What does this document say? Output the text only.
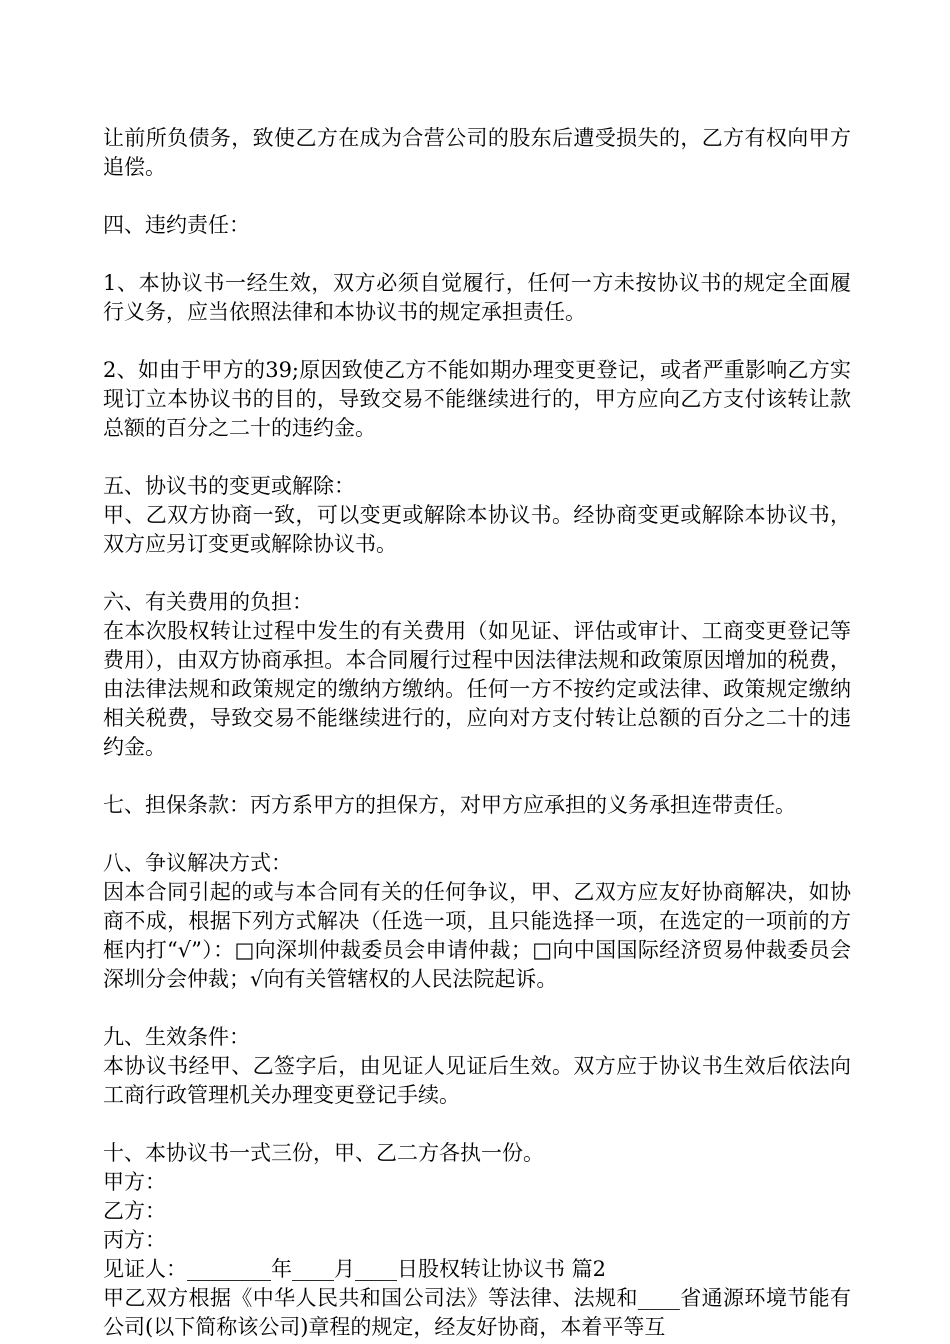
让前所负债务，致使乙方在成为合营公司的股东后遭受损失的，乙方有权向甲方追偿。

四、违约责任：

1、本协议书一经生效，双方必须自觉履行，任何一方未按协议书的规定全面履行义务，应当依照法律和本协议书的规定承担责任。

2、如由于甲方的39;原因致使乙方不能如期办理变更登记，或者严重影响乙方实现订立本协议书的目的，导致交易不能继续进行的，甲方应向乙方支付该转让款总额的百分之二十的违约金。

五、协议书的变更或解除：

甲、乙双方协商一致，可以变更或解除本协议书。经协商变更或解除本协议书，双方应另订变更或解除协议书。

六、有关费用的负担：

在本次股权转让过程中发生的有关费用（如见证、评估或审计、工商变更登记等费用），由双方协商承担。本合同履行过程中因法律法规和政策原因增加的税费，由法律法规和政策规定的缴纳方缴纳。任何一方不按约定或法律、政策规定缴纳相关税费，导致交易不能继续进行的，应向对方支付转让总额的百分之二十的违约金。

七、担保条款：丙方系甲方的担保方，对甲方应承担的义务承担连带责任。

八、争议解决方式：

因本合同引起的或与本合同有关的任何争议，甲、乙双方应友好协商解决，如协商不成，根据下列方式解决（任选一项，且只能选择一项，在选定的一项前的方框内打“√”）：□向深圳仲裁委员会申请仲裁；□向中国国际经济贸易仲裁委员会深圳分会仲裁；√向有关管辖权的人民法院起诉。

九、生效条件：

本协议书经甲、乙签字后，由见证人见证后生效。双方应于协议书生效后依法向工商行政管理机关办理变更登记手续。

十、本协议书一式三份，甲、乙二方各执一份。

甲方：

乙方：

丙方：

见证人：________年____月____日股权转让协议书 篇2

甲乙双方根据《中华人民共和国公司法》等法律、法规和____省通源环境节能有公司(以下简称该公司)章程的规定，经友好协商，本着平等互
